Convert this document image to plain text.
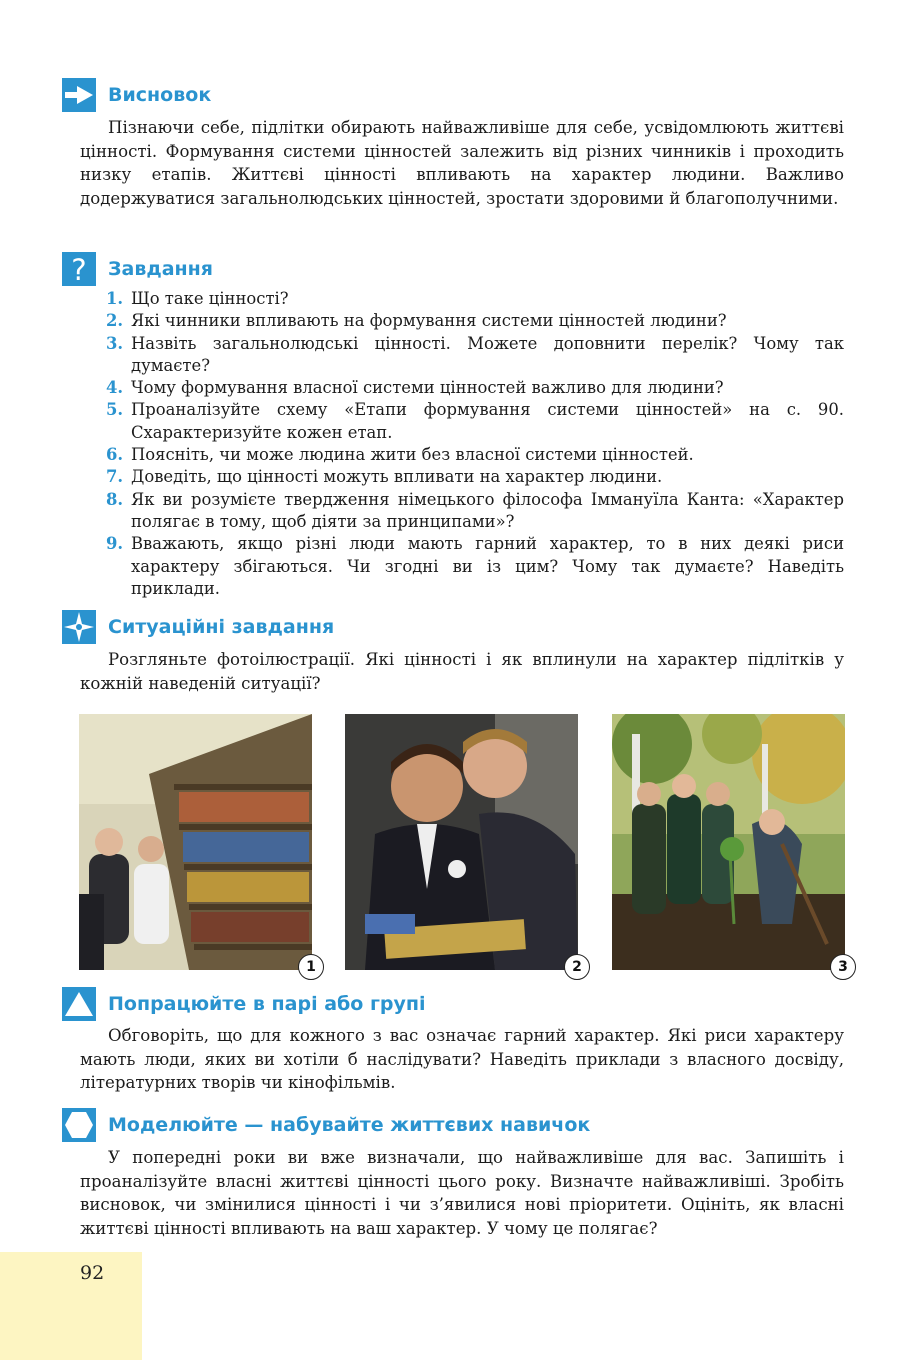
Висновок

Пізнаючи себе, підлітки обирають найважливіше для себе, усвідомлюють життєві цінності. Формування системи цінностей залежить від різних чинників і проходить низку етапів. Життєві цінності впливають на характер людини. Важливо додержуватися загальнолюдських цінностей, зростати здоровими й благополучними.

? Завдання
1. Що таке цінності?
2. Які чинники впливають на формування системи цінностей людини?
3. Назвіть загальнолюдські цінності. Можете доповнити перелік? Чому так думаєте?
4. Чому формування власної системи цінностей важливо для людини?
5. Проаналізуйте схему «Етапи формування системи цінностей» на с. 90. Схарактеризуйте кожен етап.
6. Поясніть, чи може людина жити без власної системи цінностей.
7. Доведіть, що цінності можуть впливати на характер людини.
8. Як ви розумієте твердження німецького філософа Іммануїла Канта: «Характер полягає в тому, щоб діяти за принципами»?
9. Вважають, якщо різні люди мають гарний характер, то в них деякі риси характеру збігаються. Чи згодні ви із цим? Чому так думаєте? Наведіть приклади.
Ситуаційні завдання

Розгляньте фотоілюстрації. Які цінності і як вплинули на характер підлітків у кожній наведеній ситуації?

1	2	3
Попрацюйте в парі або групі

Обговоріть, що для кожного з вас означає гарний характер. Які риси характеру мають люди, яких ви хотіли б наслідувати? Наведіть приклади з власного досвіду, літературних творів чи кінофільмів.

Моделюйте — набувайте життєвих навичок

У попередні роки ви вже визначали, що найважливіше для вас. Запишіть і проаналізуйте власні життєві цінності цього року. Визначте найважливіші. Зробіть висновок, чи змінилися цінності і чи з’явилися нові пріоритети. Оцініть, як власні життєві цінності впливають на ваш характер. У чому це полягає?

92
